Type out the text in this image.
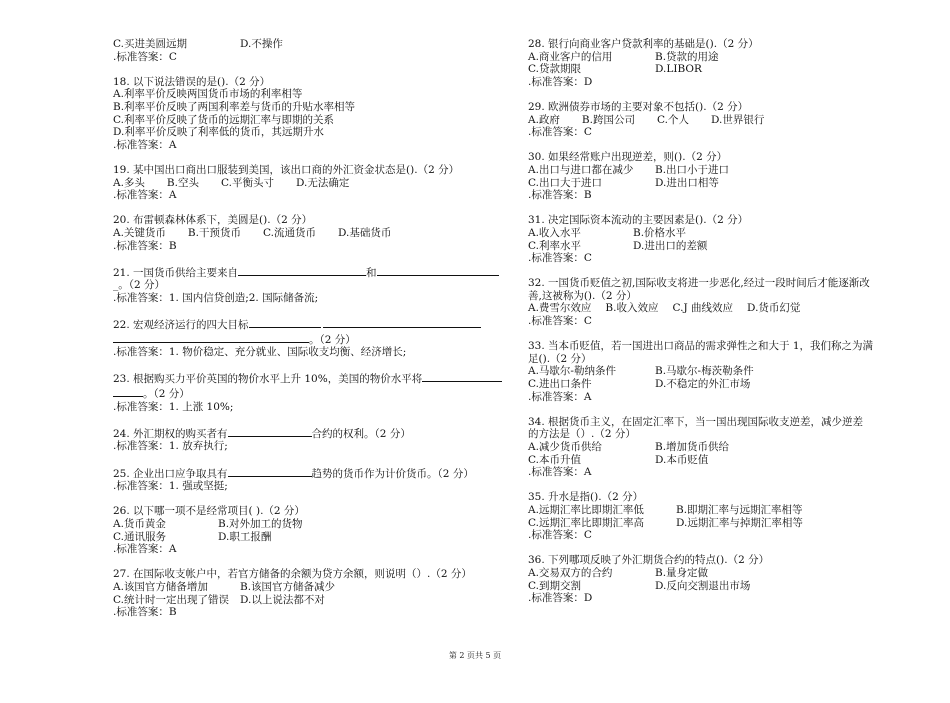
C.买进美圆远期	D.不操作
.标准答案：C
18. 以下说法错误的是().（2 分）
A.利率平价反映两国货币市场的利率相等
B.利率平价反映了两国利率差与货币的升贴水率相等
C.利率平价反映了货币的远期汇率与即期的关系
D.利率平价反映了利率低的货币，其远期升水
.标准答案：A
19. 某中国出口商出口服装到美国，该出口商的外汇资金状态是().（2 分）
A.多头 B.空头 C.平衡头寸 D.无法确定
.标准答案：A
20. 布雷顿森林体系下，美圆是().（2 分）
A.关键货币 B.干预货币 C.流通货币 D.基础货币
.标准答案：B
21. 一国货币供给主要来自	和
_。（2 分）
.标准答案：1. 国内信贷创造;2. 国际储备流;
22. 宏观经济运行的四大目标
。（2 分）
.标准答案：1. 物价稳定、充分就业、国际收支均衡、经济增长;
23. 根据购买力平价英国的物价水平上升 10%，美国的物价水平将
。（2 分）
.标准答案：1. 上涨 10%;
24. 外汇期权的购买者有	合约的权利。（2 分）
.标准答案：1. 放弃执行;
25. 企业出口应争取具有	趋势的货币作为计价货币。（2 分）
.标准答案：1. 强或坚挺;
26. 以下哪一项不是经常项目( ).（2 分）
A.货币黄金	B.对外加工的货物
C.通讯服务	D.职工报酬
.标准答案：A
27. 在国际收支帐户中，若官方储备的余额为贷方余额，则说明（）.（2 分）
A.该国官方储备增加	B.该国官方储备减少
C.统计时一定出现了错误	D.以上说法都不对
.标准答案：B
28. 银行向商业客户贷款利率的基础是().（2 分）
A.商业客户的信用	B.贷款的用途
C.贷款期限	D.LIBOR
.标准答案：D
29. 欧洲债券市场的主要对象不包括().（2 分）
A.政府 B.跨国公司 C.个人 D.世界银行
.标准答案：C
30. 如果经常账户出现逆差，则().（2 分）
A.出口与进口都在减少	B.出口小于进口
C.出口大于进口	D.进出口相等
.标准答案：B
31. 决定国际资本流动的主要因素是().（2 分）
A.收入水平	B.价格水平
C.利率水平	D.进出口的差额
.标准答案：C
32. 一国货币贬值之初,国际收支将进一步恶化,经过一段时间后才能逐渐改
善,这被称为().（2 分）
A.费雪尔效应 B.收入效应 C.J 曲线效应 D.货币幻觉
.标准答案：C
33. 当本币贬值，若一国进出口商品的需求弹性之和大于 1，我们称之为满
足().（2 分）
A.马歇尔-勒纳条件	B.马歇尔-梅茨勒条件
C.进出口条件	D.不稳定的外汇市场
.标准答案：A
34. 根据货币主义，在固定汇率下，当一国出现国际收支逆差，减少逆差
的方法是（）.（2 分）
A.减少货币供给	B.增加货币供给
C.本币升值	D.本币贬值
.标准答案：A
35. 升水是指().（2 分）
A.远期汇率比即期汇率低	B.即期汇率与远期汇率相等
C.远期汇率比即期汇率高	D.远期汇率与掉期汇率相等
.标准答案：C
36. 下列哪项反映了外汇期货合约的特点().（2 分）
A.交易双方的合约	B.量身定做
C.到期交割	D.反向交割退出市场
.标准答案：D
第 2 页共 5 页
